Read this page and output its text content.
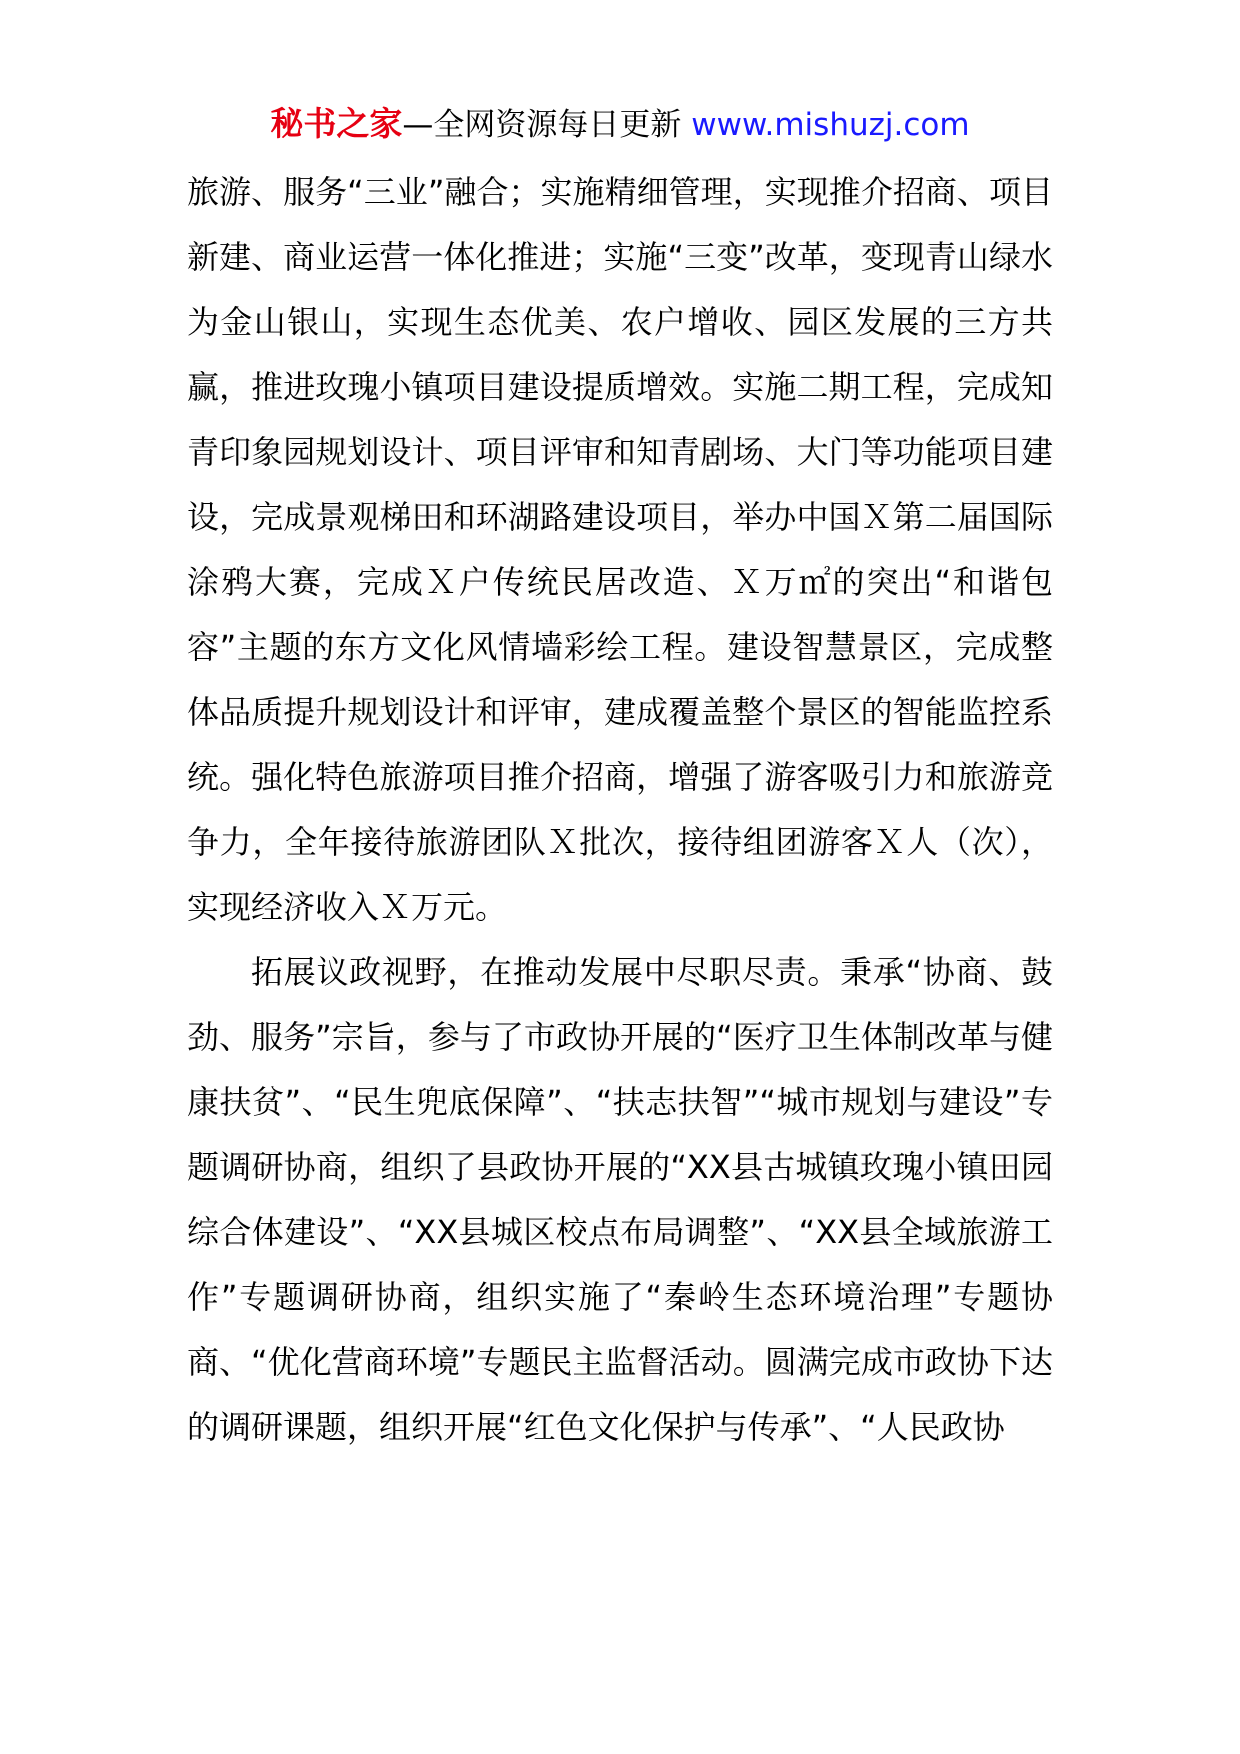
秘书之家—全网资源每日更新 www.mishuzj.com

旅游、服务“三业”融合；实施精细管理，实现推介招商、项目新建、商业运营一体化推进；实施“三变”改革，变现青山绿水为金山银山，实现生态优美、农户增收、园区发展的三方共赢，推进玫瑰小镇项目建设提质增效。实施二期工程，完成知青印象园规划设计、项目评审和知青剧场、大门等功能项目建设，完成景观梯田和环湖路建设项目，举办中国Ｘ第二届国际涂鸦大赛，完成Ｘ户传统民居改造、Ｘ万㎡的突出“和谐包容”主题的东方文化风情墙彩绘工程。建设智慧景区，完成整体品质提升规划设计和评审，建成覆盖整个景区的智能监控系统。强化特色旅游项目推介招商，增强了游客吸引力和旅游竞争力，全年接待旅游团队Ｘ批次，接待组团游客Ｘ人（次），实现经济收入Ｘ万元。

拓展议政视野，在推动发展中尽职尽责。秉承“协商、鼓劲、服务”宗旨，参与了市政协开展的“医疗卫生体制改革与健康扶贫”、“民生兜底保障”、“扶志扶智”“城市规划与建设”专题调研协商，组织了县政协开展的“XX县古城镇玫瑰小镇田园综合体建设”、“XX县城区校点布局调整”、“XX县全域旅游工作”专题调研协商，组织实施了“秦岭生态环境治理”专题协商、“优化营商环境”专题民主监督活动。圆满完成市政协下达的调研课题，组织开展“红色文化保护与传承”、“人民政协
